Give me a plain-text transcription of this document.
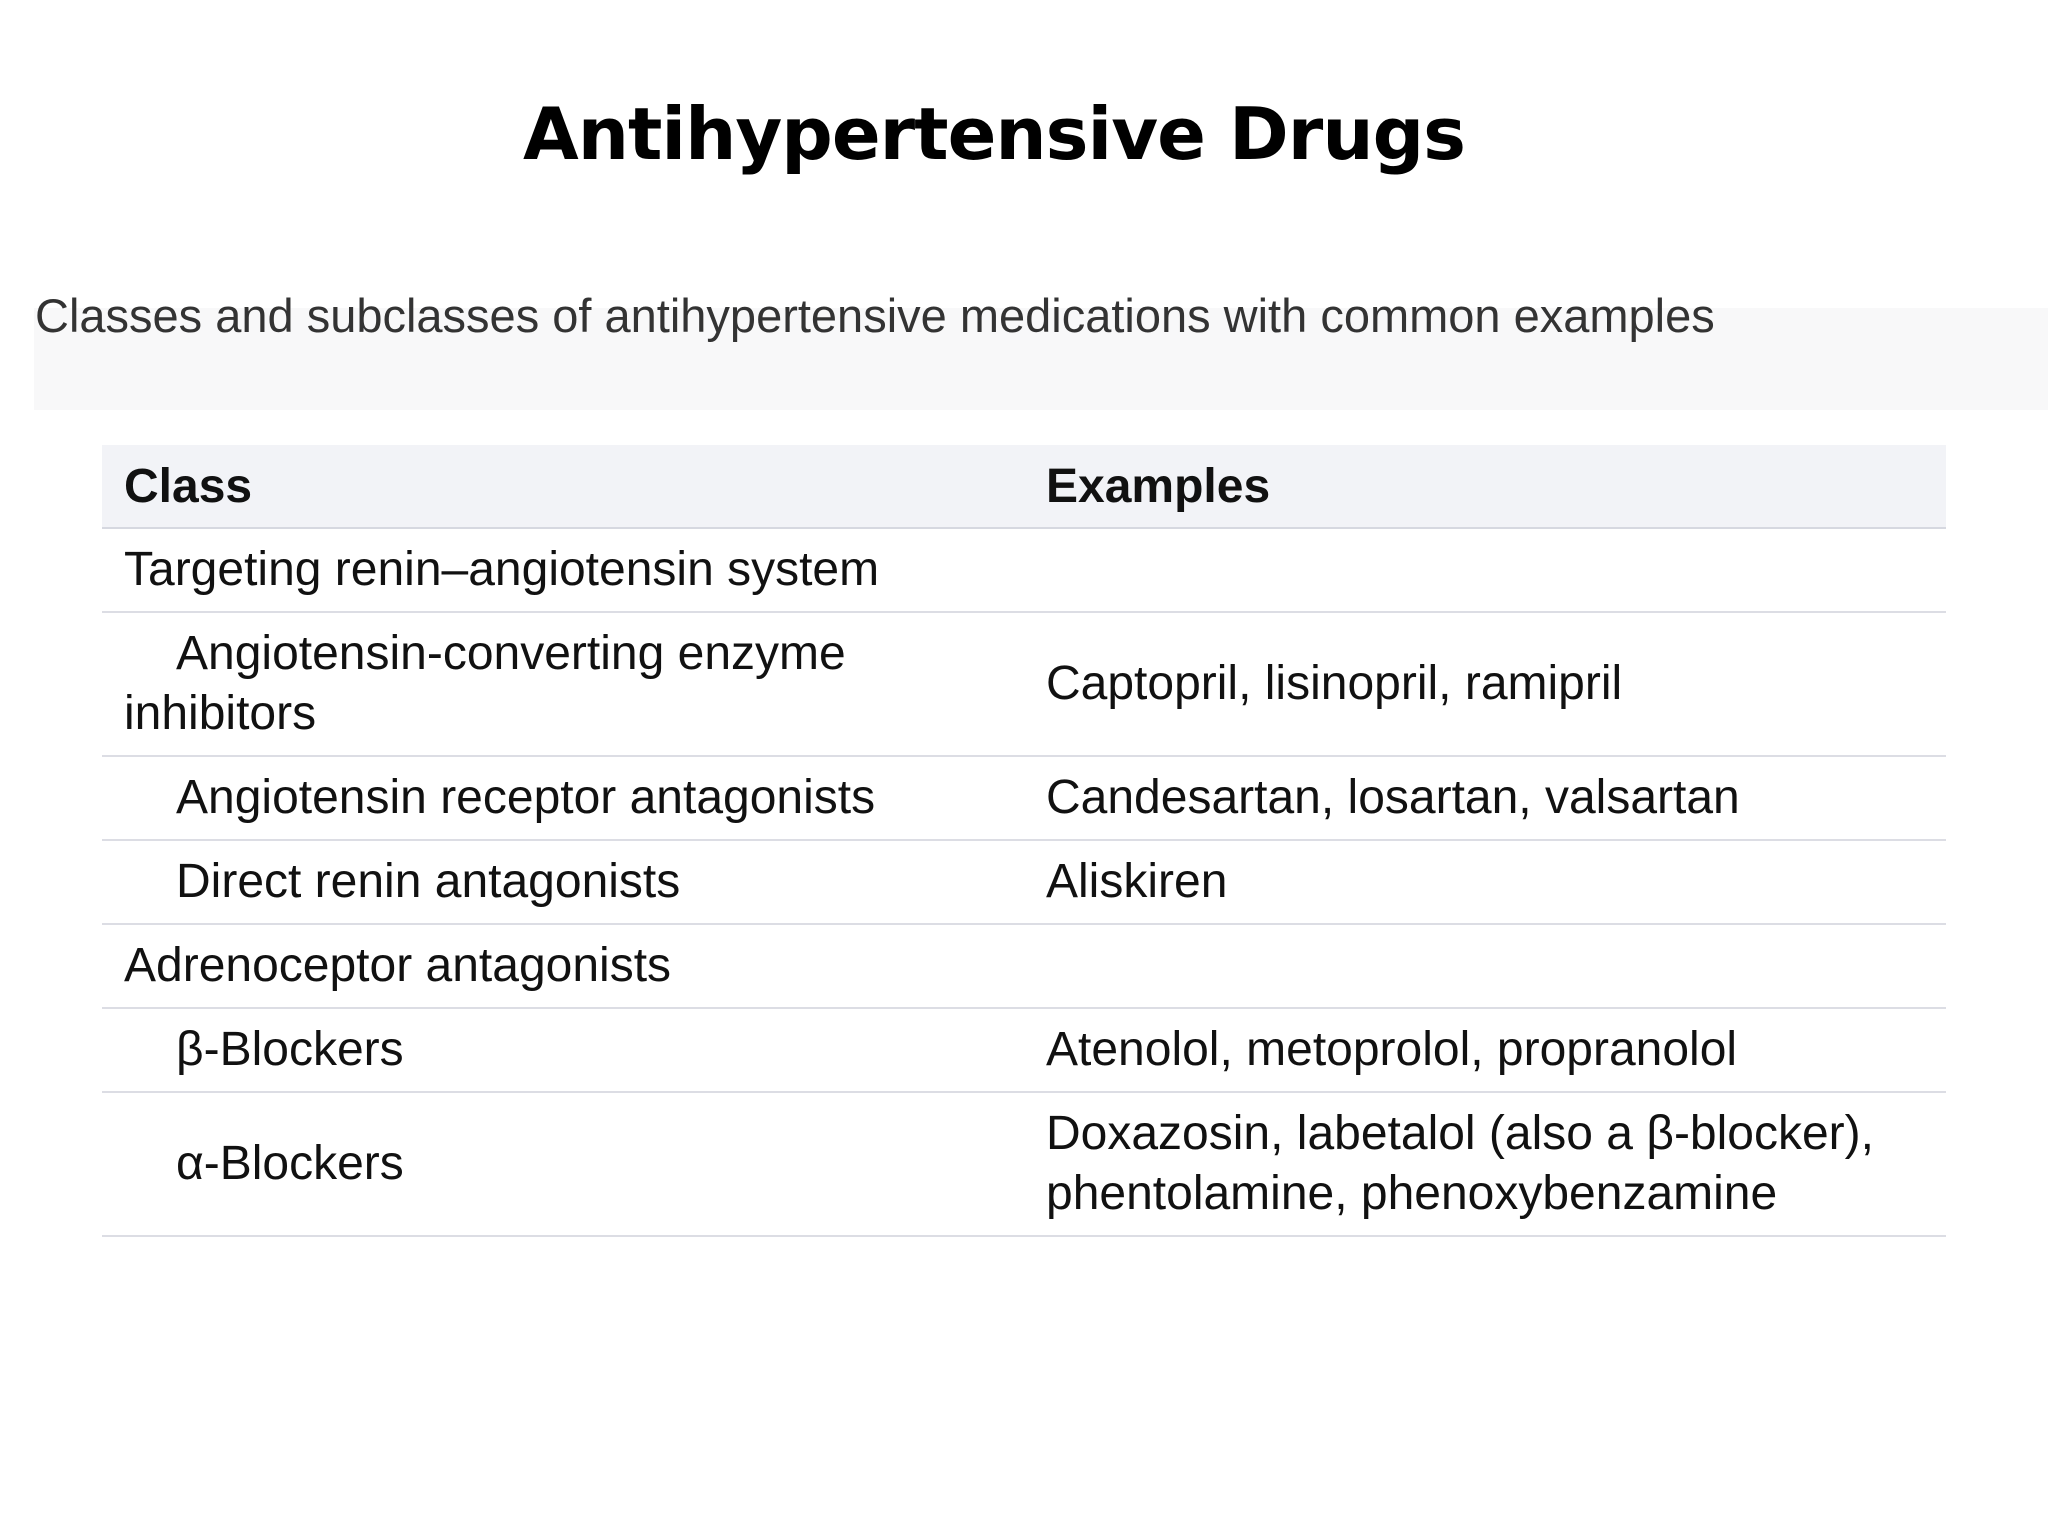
Antihypertensive Drugs

Classes and subclasses of antihypertensive medications with common examples

Class	Examples
Targeting renin–angiotensin system	
Angiotensin-converting enzyme inhibitors	Captopril, lisinopril, ramipril
Angiotensin receptor antagonists	Candesartan, losartan, valsartan
Direct renin antagonists	Aliskiren
Adrenoceptor antagonists	
β-Blockers	Atenolol, metoprolol, propranolol
α-Blockers	Doxazosin, labetalol (also a β-blocker), phentolamine, phenoxybenzamine
